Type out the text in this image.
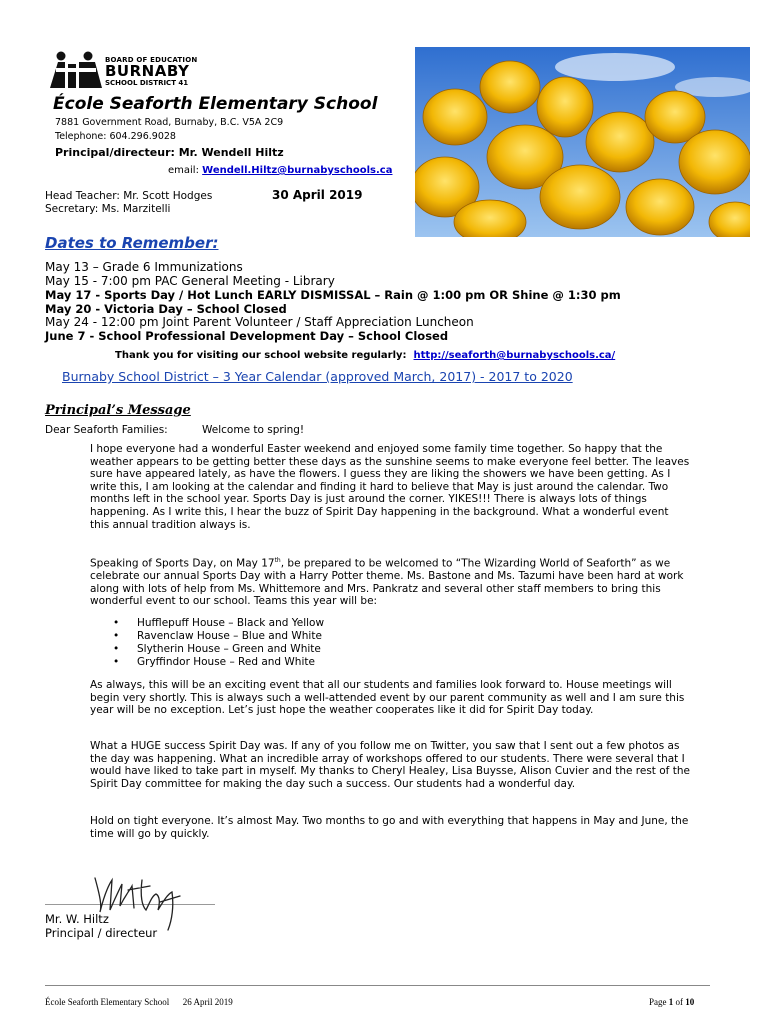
BOARD OF EDUCATION
BURNABY
SCHOOL DISTRICT 41
École Seaforth Elementary School
7881 Government Road, Burnaby, B.C. V5A 2C9
Telephone: 604.296.9028
Principal/directeur: Mr. Wendell Hiltz
email: Wendell.Hiltz@burnabyschools.ca
Head Teacher: Mr. Scott Hodges
Secretary: Ms. Marzitelli
30 April 2019
Dates to Remember:
May 13 – Grade 6 Immunizations
May 15 - 7:00 pm PAC General Meeting - Library
May 17 - Sports Day / Hot Lunch EARLY DISMISSAL – Rain @ 1:00 pm OR Shine @ 1:30 pm
May 20 - Victoria Day – School Closed
May 24 - 12:00 pm Joint Parent Volunteer / Staff Appreciation Luncheon
June 7 - School Professional Development Day – School Closed
Thank you for visiting our school website regularly: http://seaforth@burnabyschools.ca/
Burnaby School District – 3 Year Calendar (approved March, 2017) - 2017 to 2020
Principal’s Message
Dear Seaforth Families:	Welcome to spring!

I hope everyone had a wonderful Easter weekend and enjoyed some family time together. So happy that the weather appears to be getting better these days as the sunshine seems to make everyone feel better. The leaves sure have appeared lately, as have the flowers. I guess they are liking the showers we have been getting. As I write this, I am looking at the calendar and finding it hard to believe that May is just around the calendar. Two months left in the school year. Sports Day is just around the corner. YIKES!!! There is always lots of things happening. As I write this, I hear the buzz of Spirit Day happening in the background. What a wonderful event this annual tradition always is.

Speaking of Sports Day, on May 17th, be prepared to be welcomed to “The Wizarding World of Seaforth” as we celebrate our annual Sports Day with a Harry Potter theme. Ms. Bastone and Ms. Tazumi have been hard at work along with lots of help from Ms. Whittemore and Mrs. Pankratz and several other staff members to bring this wonderful event to our school. Teams this year will be:

• Hufflepuff House – Black and Yellow
• Ravenclaw House – Blue and White
• Slytherin House – Green and White
• Gryffindor House – Red and White

As always, this will be an exciting event that all our students and families look forward to. House meetings will begin very shortly. This is always such a well-attended event by our parent community as well and I am sure this year will be no exception. Let’s just hope the weather cooperates like it did for Spirit Day today.

What a HUGE success Spirit Day was. If any of you follow me on Twitter, you saw that I sent out a few photos as the day was happening. What an incredible array of workshops offered to our students. There were several that I would have liked to take part in myself. My thanks to Cheryl Healey, Lisa Buysse, Alison Cuvier and the rest of the Spirit Day committee for making the day such a success. Our students had a wonderful day.

Hold on tight everyone. It’s almost May. Two months to go and with everything that happens in May and June, the time will go by quickly.

Mr. W. Hiltz
Principal / directeur
École Seaforth Elementary School      26 April 2019	Page 1 of 10
